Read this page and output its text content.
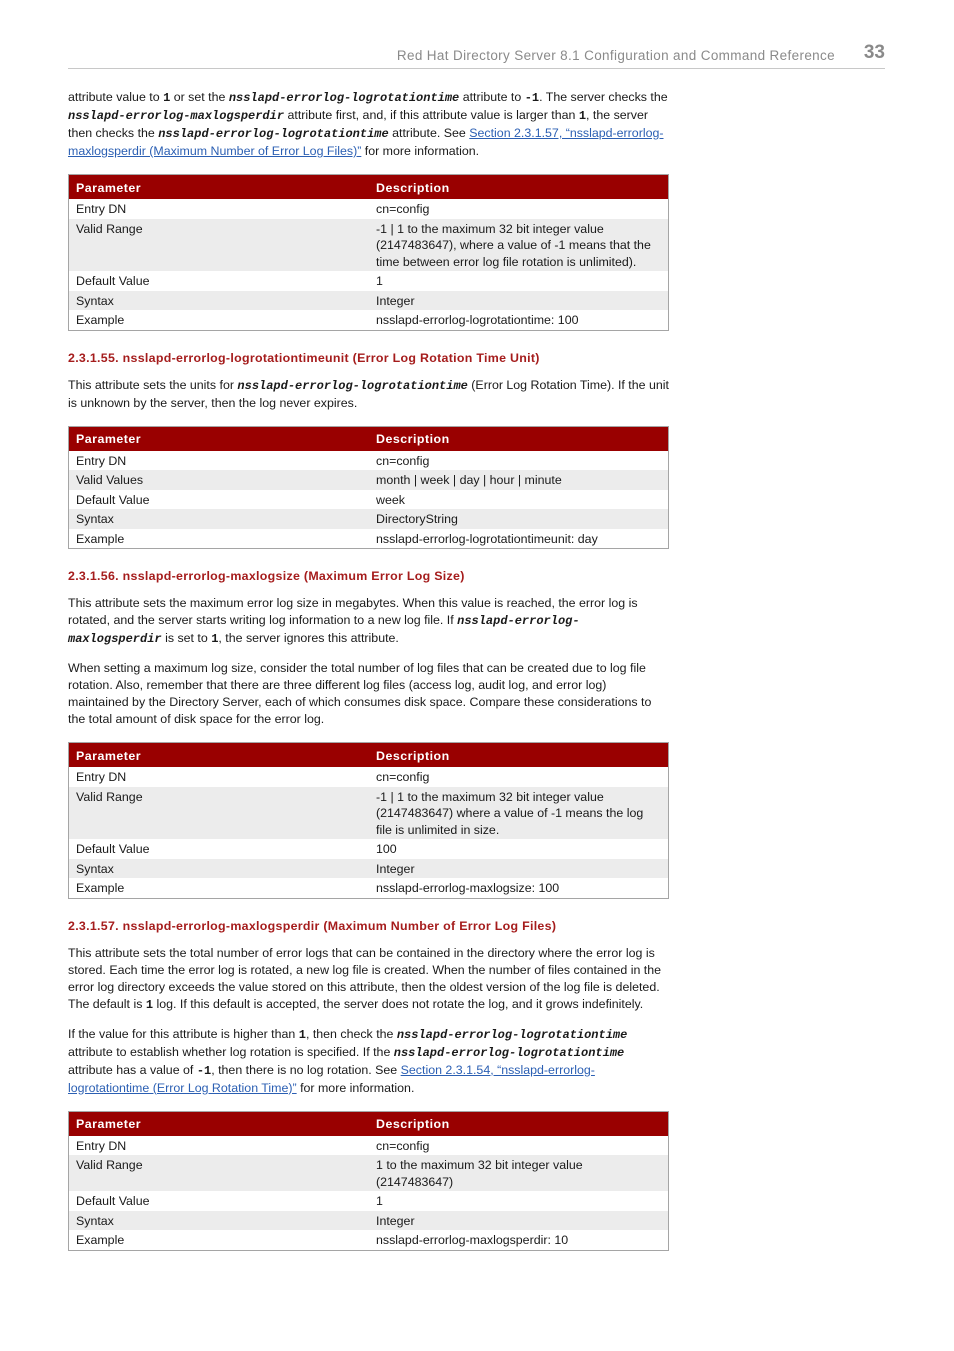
Red Hat Directory Server 8.1 Configuration and Command Reference 33

attribute value to 1 or set the nsslapd-errorlog-logrotationtime attribute to -1. The server checks the nsslapd-errorlog-maxlogsperdir attribute first, and, if this attribute value is larger than 1, the server then checks the nsslapd-errorlog-logrotationtime attribute. See Section 2.3.1.57, “nsslapd-errorlog-maxlogsperdir (Maximum Number of Error Log Files)” for more information.

Parameter	Description
Entry DN	cn=config
Valid Range	-1 | 1 to the maximum 32 bit integer value (2147483647), where a value of -1 means that the time between error log file rotation is unlimited).
Default Value	1
Syntax	Integer
Example	nsslapd-errorlog-logrotationtime: 100
2.3.1.55. nsslapd-errorlog-logrotationtimeunit (Error Log Rotation Time Unit)

This attribute sets the units for nsslapd-errorlog-logrotationtime (Error Log Rotation Time). If the unit is unknown by the server, then the log never expires.

Parameter	Description
Entry DN	cn=config
Valid Values	month | week | day | hour | minute
Default Value	week
Syntax	DirectoryString
Example	nsslapd-errorlog-logrotationtimeunit: day
2.3.1.56. nsslapd-errorlog-maxlogsize (Maximum Error Log Size)

This attribute sets the maximum error log size in megabytes. When this value is reached, the error log is rotated, and the server starts writing log information to a new log file. If nsslapd-errorlog-maxlogsperdir is set to 1, the server ignores this attribute.

When setting a maximum log size, consider the total number of log files that can be created due to log file rotation. Also, remember that there are three different log files (access log, audit log, and error log) maintained by the Directory Server, each of which consumes disk space. Compare these considerations to the total amount of disk space for the error log.

Parameter	Description
Entry DN	cn=config
Valid Range	-1 | 1 to the maximum 32 bit integer value (2147483647) where a value of -1 means the log file is unlimited in size.
Default Value	100
Syntax	Integer
Example	nsslapd-errorlog-maxlogsize: 100
2.3.1.57. nsslapd-errorlog-maxlogsperdir (Maximum Number of Error Log Files)

This attribute sets the total number of error logs that can be contained in the directory where the error log is stored. Each time the error log is rotated, a new log file is created. When the number of files contained in the error log directory exceeds the value stored on this attribute, then the oldest version of the log file is deleted. The default is 1 log. If this default is accepted, the server does not rotate the log, and it grows indefinitely.

If the value for this attribute is higher than 1, then check the nsslapd-errorlog-logrotationtime attribute to establish whether log rotation is specified. If the nsslapd-errorlog-logrotationtime attribute has a value of -1, then there is no log rotation. See Section 2.3.1.54, “nsslapd-errorlog-logrotationtime (Error Log Rotation Time)” for more information.

Parameter	Description
Entry DN	cn=config
Valid Range	1 to the maximum 32 bit integer value (2147483647)
Default Value	1
Syntax	Integer
Example	nsslapd-errorlog-maxlogsperdir: 10
